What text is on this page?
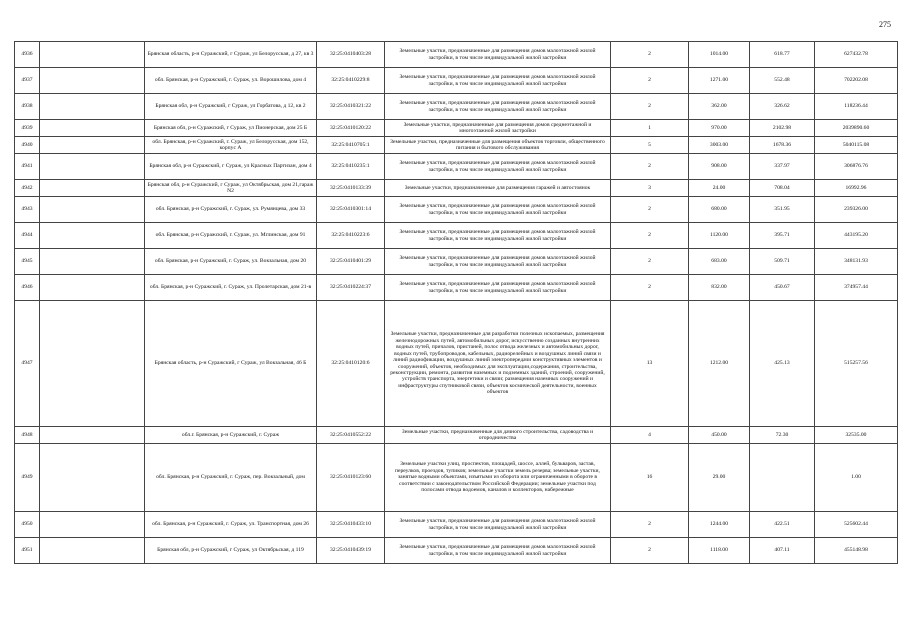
275
4936		Брянская область, р-н Суражский, г Сураж, ул Белорусская, д 27, кв 3	32:25:0410403:28	Земельные участки, предназначенные для размещения домов малоэтажной жилой застройки, в том числе индивидуальной жилой застройки	2	1014.00	618.77	627432.78
4937		обл. Брянская, р-н Суражский, г. Сураж, ул. Ворошилова, дом 4	32:25:0410229:8	Земельные участки, предназначенные для размещения домов малоэтажной жилой застройки, в том числе индивидуальной жилой застройки	2	1271.00	552.48	702202.08
4938		Брянская обл, р-н Суражский, г Сураж, ул Горбатова, д 12, кв 2	32:25:0410321:22	Земельные участки, предназначенные для размещения домов малоэтажной жилой застройки, в том числе индивидуальной жилой застройки	2	362.00	326.62	118236.44
4939		Брянская обл, р-н Суражский, г Сураж, ул Пионерская, дом 25 Б	32:25:0410120:22	Земельные участки, предназначенные для размещения домов среднеэтажной и многоэтажной жилой застройки	1	970.00	2102.98	2039890.60
4940		обл. Брянская, р-н Суражский, г. Сураж, ул Белорусская, дом 152, корпус А	32:25:0410705:1	Земельные участки, предназначенные для размещения объектов торговли, общественного питания и бытового обслуживания	5	3003.00	1678.36	5040115.08
4941		Брянская обл, р-н Суражский, г Сураж, ул Красных Партизан, дом 4	32:25:0410235:1	Земельные участки, предназначенные для размещения домов малоэтажной жилой застройки, в том числе индивидуальной жилой застройки	2	908.00	337.97	306876.76
4942		Брянская обл, р-н Суражский, г Сураж, ул Октябрьская, дом 21,гараж N2	32:25:0410133:39	Земельные участки, предназначенные для размещения гаражей и автостоянок	3	24.00	708.04	16992.96
4943		обл. Брянская, р-н Суражский, г. Сураж, ул. Румянцева, дом 33	32:25:0410301:14	Земельные участки, предназначенные для размещения домов малоэтажной жилой застройки, в том числе индивидуальной жилой застройки	2	680.00	351.95	239326.00
4944		обл. Брянская, р-н Суражский, г. Сураж, ул. Мглинская, дом 91	32:25:0410223:6	Земельные участки, предназначенные для размещения домов малоэтажной жилой застройки, в том числе индивидуальной жилой застройки	2	1120.00	395.71	443195.20
4945		обл. Брянская, р-н Суражский, г. Сураж, ул. Вокзальная, дом 20	32:25:0410401:29	Земельные участки, предназначенные для размещения домов малоэтажной жилой застройки, в том числе индивидуальной жилой застройки	2	683.00	509.71	348131.93
4946		обл. Брянская, р-н Суражский, г. Сураж, ул. Пролетарская, дом 21-в	32:25:0410224:37	Земельные участки, предназначенные для размещения домов малоэтажной жилой застройки, в том числе индивидуальной жилой застройки	2	832.00	450.67	374957.44
4947		Брянская область, р-н Суражский, г Сураж, ул Вокзальная, 46 Б	32:25:0410120:6	Земельные участки, предназначенные для разработки полезных ископаемых, размещения железнодорожных путей, автомобильных дорог, искусственно созданных внутренних водных путей, причалов, пристаней, полос отвода железных и автомобильных дорог, водных путей, трубопроводов, кабельных, радиорелейных и воздушных линий связи и линий радиофикации, воздушных линий электропередачи конструктивных элементов и сооружений, объектов, необходимых для эксплуатации,содержания, строительства, реконструкции, ремонта, развития наземных и подземных зданий, строений, сооружений, устройств транспорта, энергетики и связи; размещения наземных сооружений и инфраструктуры спутниковой связи, объектов космической деятельности, военных объектов	13	1212.00	425.13	515257.56
4948		обл.г. Брянская, р-н Суражский, г. Сураж	32:25:0410552:22	Земельные участки, предназначенные для дачного строительства, садоводства и огородничества	4	450.00	72.30	32535.00
4949		обл. Брянская, р-н Суражский, г. Сураж, пер. Вокзальный, дом	32:25:0410123:60	Земельные участки улиц, проспектов, площадей, шоссе, аллей, бульваров, застав, переулков, проездов, тупиков; земельные участки земель резерва; земельные участки, занятые водными объектами, изъятыми из оборота или ограниченными в обороте в соответствии с законодательством Российской Федерации; земельные участки под полосами отвода водоемов, каналов и коллекторов, набережные	16	29.00		1.00
4950		обл. Брянская, р-н Суражский, г. Сураж, ул. Транспортная, дом 26	32:25:0410433:10	Земельные участки, предназначенные для размещения домов малоэтажной жилой застройки, в том числе индивидуальной жилой застройки	2	1244.00	422.51	525602.44
4951		Брянская обл, р-н Суражский, г Сураж, ул Октябрьская, д 119	32:25:0410439:19	Земельные участки, предназначенные для размещения домов малоэтажной жилой застройки, в том числе индивидуальной жилой застройки	2	1118.00	407.11	455148.98
